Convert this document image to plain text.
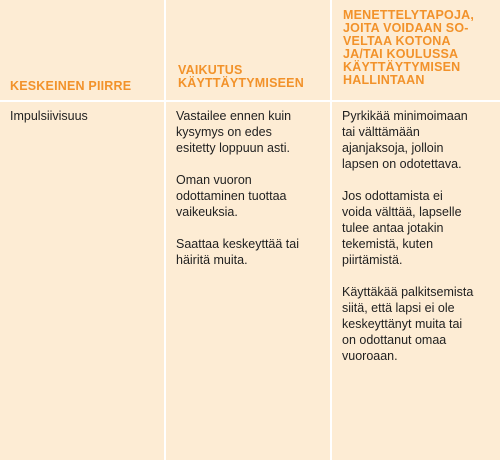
KESKEINEN PIIRRE
VAIKUTUS
KÄYTTÄYTYMISEEN
MENETTELYTAPOJA,
JOITA VOIDAAN SO-
VELTAA KOTONA
JA/TAI KOULUSSA
KÄYTTÄYTYMISEN
HALLINTAAN
Impulsiivisuus	Vastailee ennen kuin
kysymys on edes
esitetty loppuun asti.

Oman vuoron
odottaminen tuottaa
vaikeuksia.

Saattaa keskeyttää tai
häiritä muita.

Pyrkikää minimoimaan
tai välttämään
ajanjaksoja, jolloin
lapsen on odotettava.

Jos odottamista ei
voida välttää, lapselle
tulee antaa jotakin
tekemistä, kuten
piirtämistä.

Käyttäkää palkitsemista
siitä, että lapsi ei ole
keskeyttänyt muita tai
on odottanut omaa
vuoroaan.
